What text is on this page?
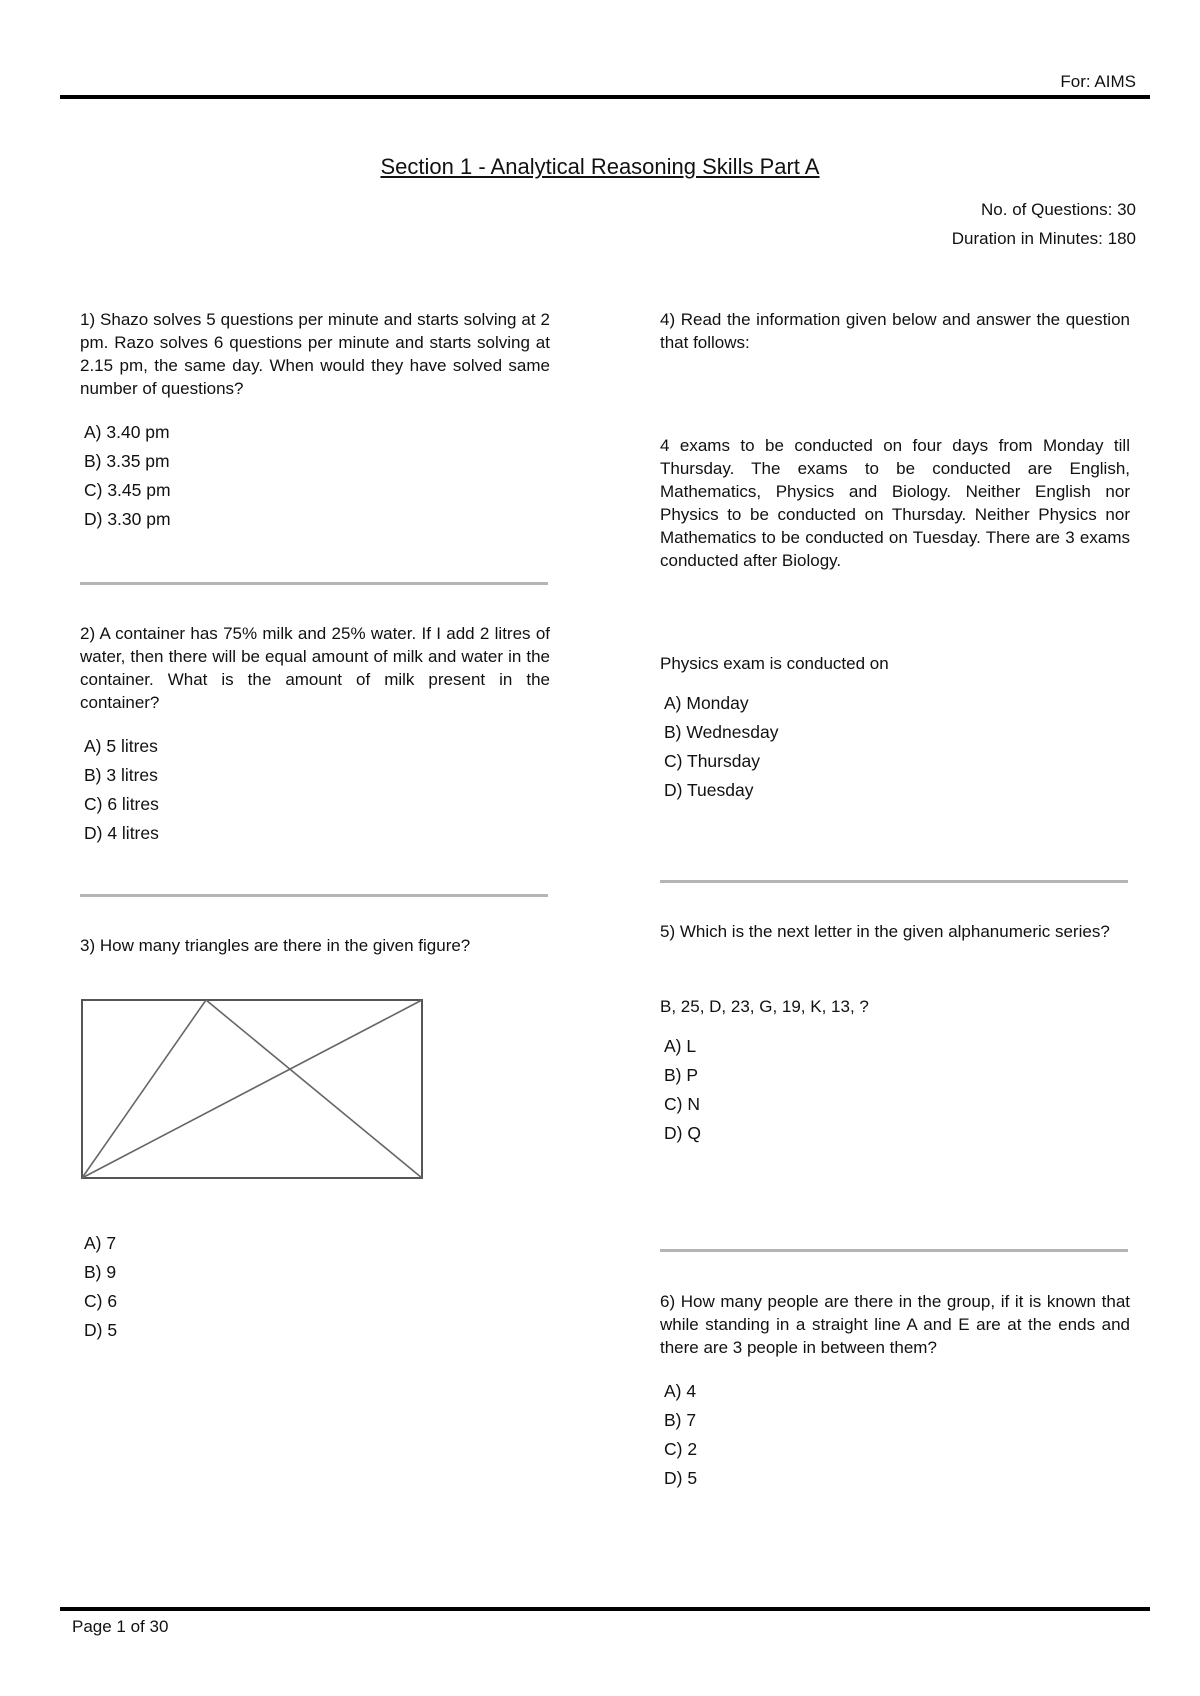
For: AIMS
Section 1 - Analytical Reasoning Skills Part A
No. of Questions: 30
Duration in Minutes: 180

1) Shazo solves 5 questions per minute and starts solving at 2 pm. Razo solves 6 questions per minute and starts solving at 2.15 pm, the same day. When would they have solved same number of questions?

A) 3.40 pm
B) 3.35 pm
C) 3.45 pm
D) 3.30 pm

2) A container has 75% milk and 25% water. If I add 2 litres of water, then there will be equal amount of milk and water in the container. What is the amount of milk present in the container?

A) 5 litres
B) 3 litres
C) 6 litres
D) 4 litres

3) How many triangles are there in the given figure?

A) 7
B) 9
C) 6
D) 5

4) Read the information given below and answer the question that follows:

4 exams to be conducted on four days from Monday till Thursday. The exams to be conducted are English, Mathematics, Physics and Biology. Neither English nor Physics to be conducted on Thursday. Neither Physics nor Mathematics to be conducted on Tuesday. There are 3 exams conducted after Biology.

Physics exam is conducted on

A) Monday
B) Wednesday
C) Thursday
D) Tuesday

5) Which is the next letter in the given alphanumeric series?

B, 25, D, 23, G, 19, K, 13, ?

A) L
B) P
C) N
D) Q

6) How many people are there in the group, if it is known that while standing in a straight line A and E are at the ends and there are 3 people in between them?

A) 4
B) 7
C) 2
D) 5
Page 1 of 30
